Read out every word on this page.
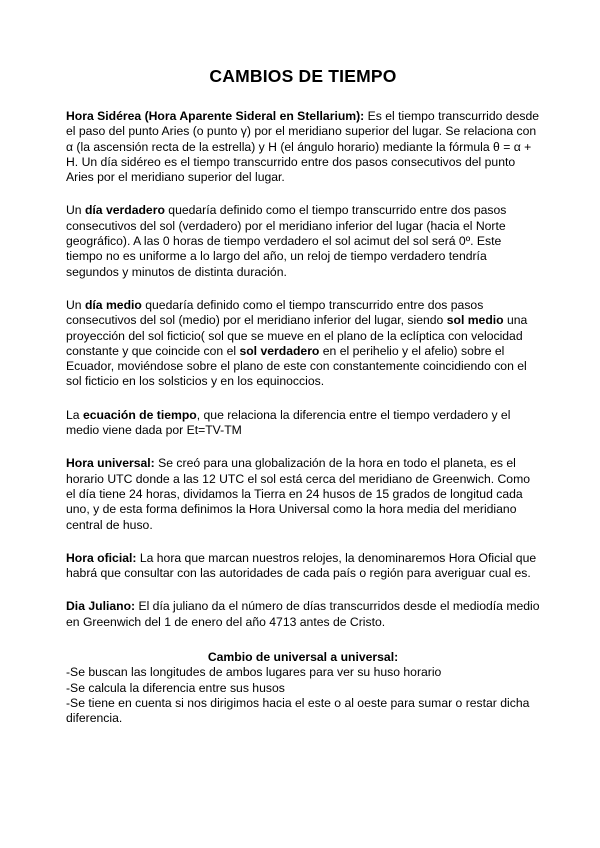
CAMBIOS DE TIEMPO

Hora Sidérea (Hora Aparente Sideral en Stellarium): Es el tiempo transcurrido desde el paso del punto Aries (o punto γ) por el meridiano superior del lugar. Se relaciona con α (la ascensión recta de la estrella) y H (el ángulo horario) mediante la fórmula θ = α + H. Un día sidéreo es el tiempo transcurrido entre dos pasos consecutivos del punto Aries por el meridiano superior del lugar.

Un día verdadero quedaría definido como el tiempo transcurrido entre dos pasos consecutivos del sol (verdadero) por el meridiano inferior del lugar (hacia el Norte geográfico). A las 0 horas de tiempo verdadero el sol acimut del sol será 0º. Este tiempo no es uniforme a lo largo del año, un reloj de tiempo verdadero tendría segundos y minutos de distinta duración.

Un día medio quedaría definido como el tiempo transcurrido entre dos pasos consecutivos del sol (medio) por el meridiano inferior del lugar, siendo sol medio una proyección del sol ficticio( sol que se mueve en el plano de la eclíptica con velocidad constante y que coincide con el sol verdadero en el perihelio y el afelio) sobre el Ecuador, moviéndose sobre el plano de este con constantemente coincidiendo con el sol ficticio en los solsticios y en los equinoccios.

La ecuación de tiempo, que relaciona la diferencia entre el tiempo verdadero y el medio viene dada por Et=TV-TM

Hora universal: Se creó para una globalización de la hora en todo el planeta, es el horario UTC donde a las 12 UTC el sol está cerca del meridiano de Greenwich. Como el día tiene 24 horas, dividamos la Tierra en 24 husos de 15 grados de longitud cada uno, y de esta forma definimos la Hora Universal como la hora media del meridiano central de huso.

Hora oficial: La hora que marcan nuestros relojes, la denominaremos Hora Oficial que habrá que consultar con las autoridades de cada país o región para averiguar cual es.

Dia Juliano: El día juliano da el número de días transcurridos desde el mediodía medio en Greenwich del 1 de enero del año 4713 antes de Cristo.

Cambio de universal a universal:
-Se buscan las longitudes de ambos lugares para ver su huso horario
-Se calcula la diferencia entre sus husos
-Se tiene en cuenta si nos dirigimos hacia el este o al oeste para sumar o restar dicha diferencia.
